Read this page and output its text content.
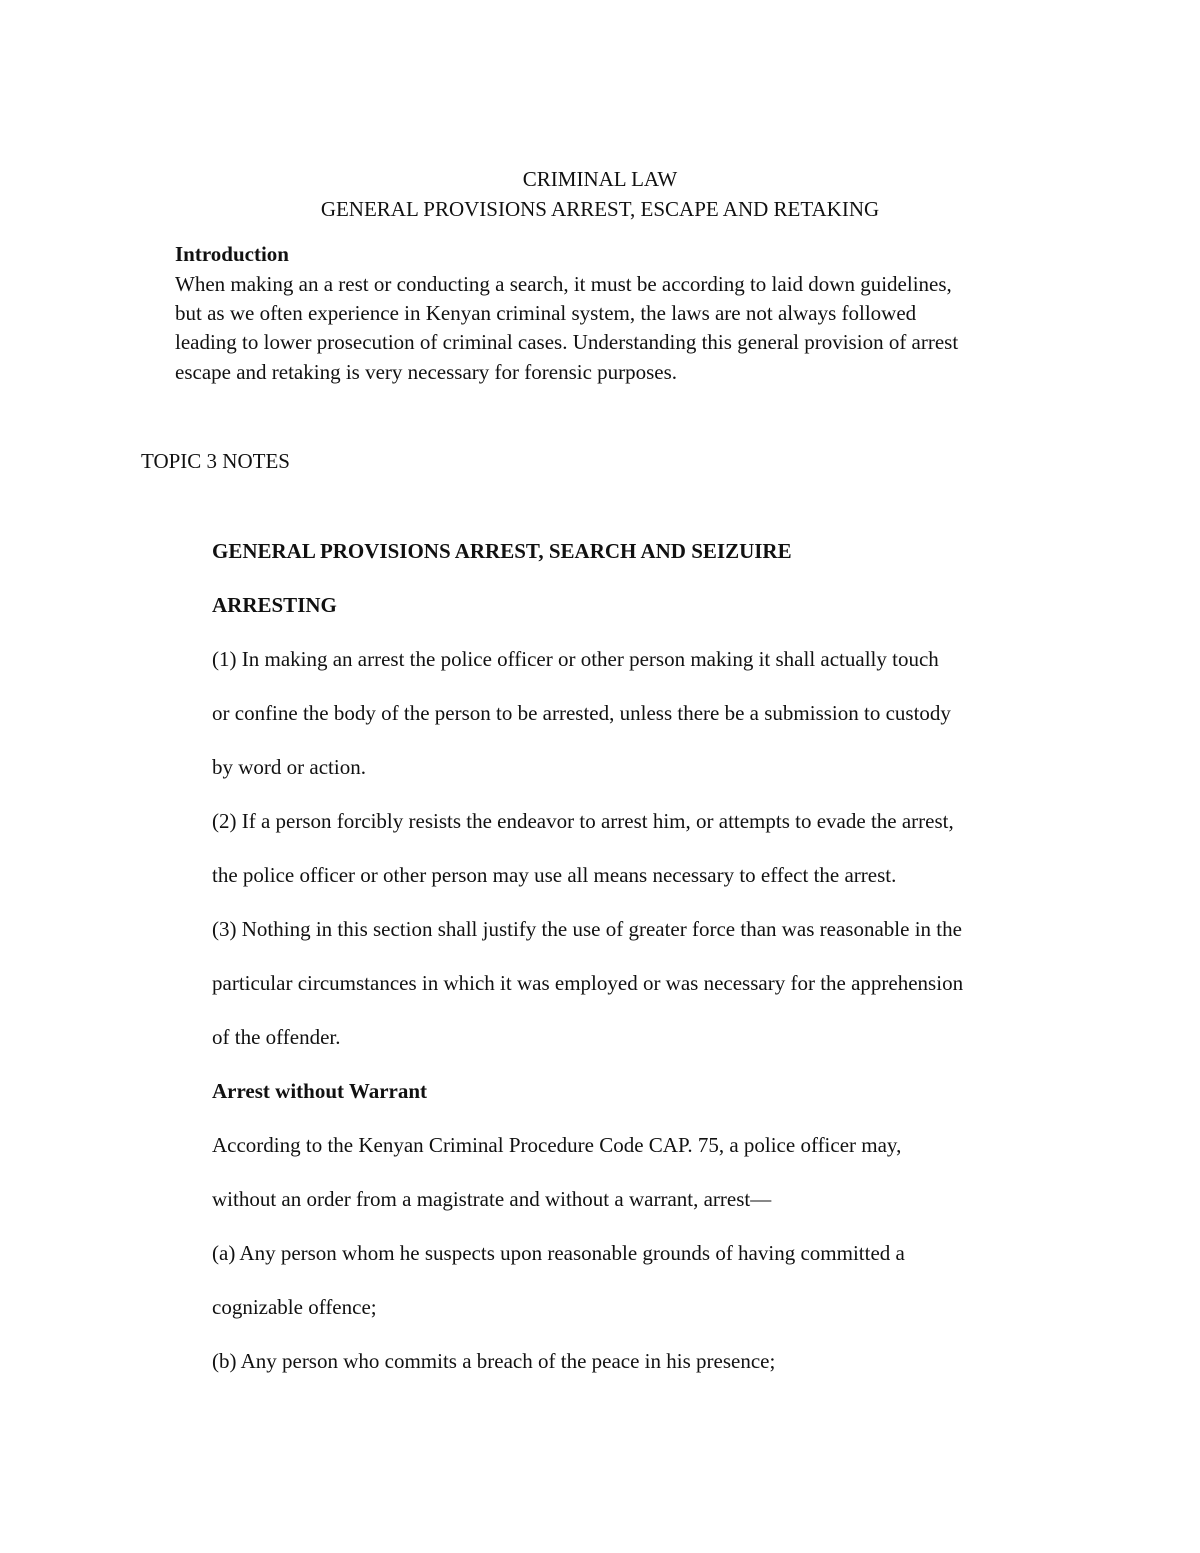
CRIMINAL LAW

GENERAL PROVISIONS ARREST, ESCAPE AND RETAKING

Introduction

When making an a rest or conducting a search, it must be according to laid down guidelines,

but as we often experience in Kenyan criminal system, the laws are not always followed

leading to lower prosecution of criminal cases. Understanding this general provision of arrest

escape and retaking is very necessary for forensic purposes.

TOPIC 3 NOTES

GENERAL PROVISIONS ARREST, SEARCH AND SEIZUIRE

ARRESTING

(1) In making an arrest the police officer or other person making it shall actually touch

or confine the body of the person to be arrested, unless there be a submission to custody

by word or action.

(2) If a person forcibly resists the endeavor to arrest him, or attempts to evade the arrest,

the police officer or other person may use all means necessary to effect the arrest.

(3) Nothing in this section shall justify the use of greater force than was reasonable in the

particular circumstances in which it was employed or was necessary for the apprehension

of the offender.

Arrest without Warrant

According to the Kenyan Criminal Procedure Code CAP. 75, a police officer may,

without an order from a magistrate and without a warrant, arrest—

(a) Any person whom he suspects upon reasonable grounds of having committed a

cognizable offence;

(b) Any person who commits a breach of the peace in his presence;
